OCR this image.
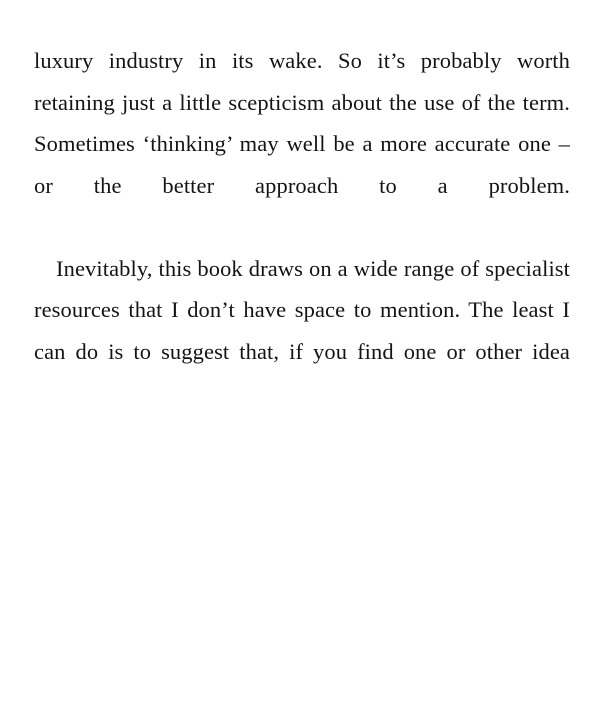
luxury industry in its wake. So it’s probably worth retaining just a little scepticism about the use of the term. Sometimes ‘thinking’ may well be a more accurate one – or the better approach to a problem.

Inevitably, this book draws on a wide range of specialist resources that I don’t have space to mention. The least I can do is to suggest that, if you find one or other idea
